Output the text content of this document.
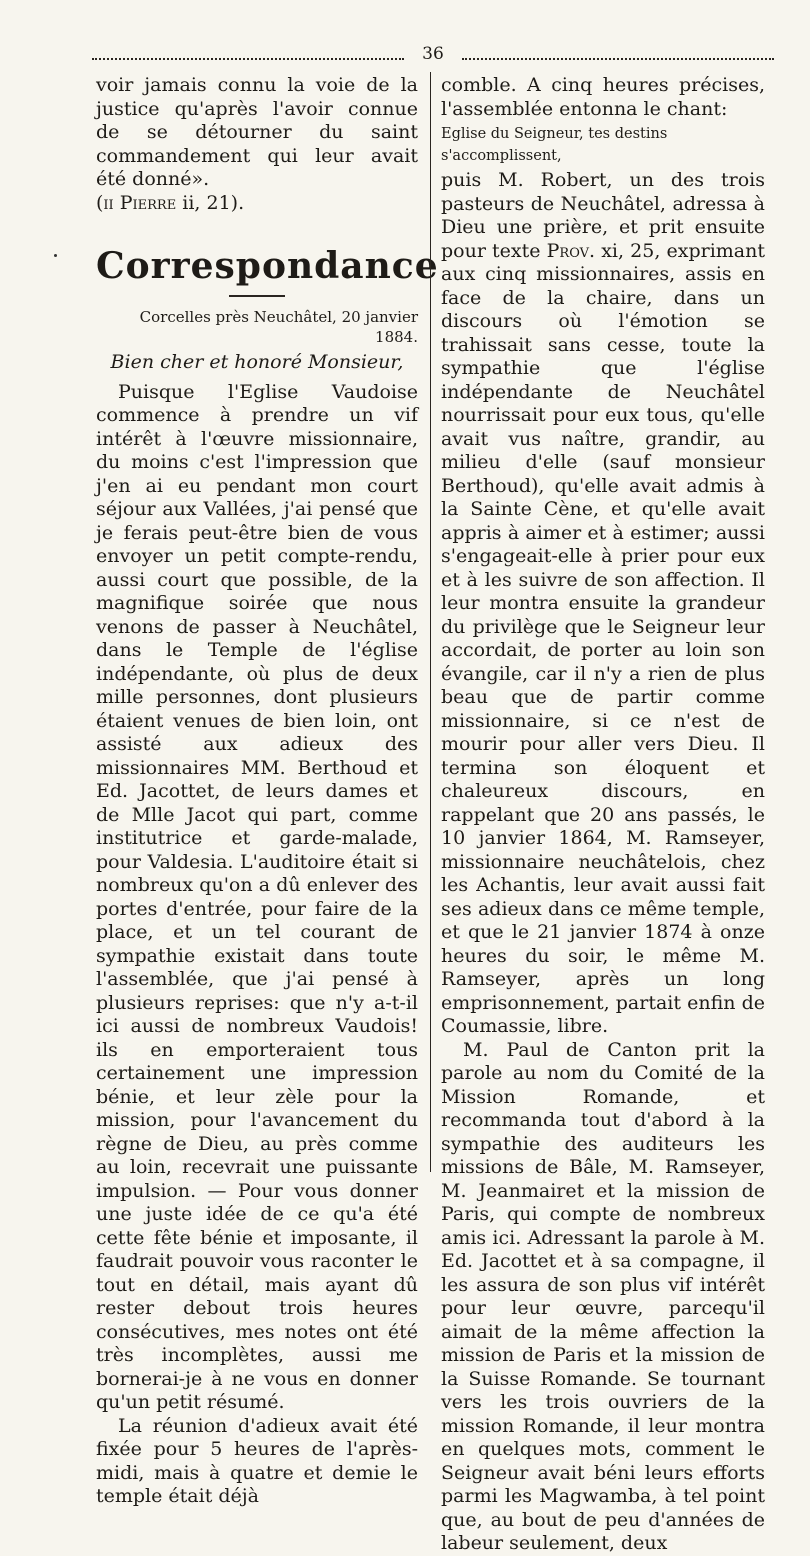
36

voir jamais connu la voie de la justice qu'après l'avoir connue de se détourner du saint commandement qui leur avait été donné».

(ii Pierre ii, 21).

Correspondance

Corcelles près Neuchâtel, 20 janvier 1884.

Bien cher et honoré Monsieur,

Puisque l'Eglise Vaudoise commence à prendre un vif intérêt à l'œuvre missionnaire, du moins c'est l'impression que j'en ai eu pendant mon court séjour aux Vallées, j'ai pensé que je ferais peut-être bien de vous envoyer un petit compte-rendu, aussi court que possible, de la magnifique soirée que nous venons de passer à Neuchâtel, dans le Temple de l'église indépendante, où plus de deux mille personnes, dont plusieurs étaient venues de bien loin, ont assisté aux adieux des missionnaires MM. Berthoud et Ed. Jacottet, de leurs dames et de Mlle Jacot qui part, comme institutrice et garde-malade, pour Valdesia. L'auditoire était si nombreux qu'on a dû enlever des portes d'entrée, pour faire de la place, et un tel courant de sympathie existait dans toute l'assemblée, que j'ai pensé à plusieurs reprises: que n'y a-t-il ici aussi de nombreux Vaudois! ils en emporteraient tous certainement une impression bénie, et leur zèle pour la mission, pour l'avancement du règne de Dieu, au près comme au loin, recevrait une puissante impulsion. — Pour vous donner une juste idée de ce qu'a été cette fête bénie et imposante, il faudrait pouvoir vous raconter le tout en détail, mais ayant dû rester debout trois heures consécutives, mes notes ont été très incomplètes, aussi me bornerai-je à ne vous en donner qu'un petit résumé.

La réunion d'adieux avait été fixée pour 5 heures de l'après-midi, mais à quatre et demie le temple était déjà

comble. A cinq heures précises, l'assemblée entonna le chant:

Eglise du Seigneur, tes destins s'accomplissent,

puis M. Robert, un des trois pasteurs de Neuchâtel, adressa à Dieu une prière, et prit ensuite pour texte Prov. xi, 25, exprimant aux cinq missionnaires, assis en face de la chaire, dans un discours où l'émotion se trahissait sans cesse, toute la sympathie que l'église indépendante de Neuchâtel nourrissait pour eux tous, qu'elle avait vus naître, grandir, au milieu d'elle (sauf monsieur Berthoud), qu'elle avait admis à la Sainte Cène, et qu'elle avait appris à aimer et à estimer; aussi s'engageait-elle à prier pour eux et à les suivre de son affection. Il leur montra ensuite la grandeur du privilège que le Seigneur leur accordait, de porter au loin son évangile, car il n'y a rien de plus beau que de partir comme missionnaire, si ce n'est de mourir pour aller vers Dieu. Il termina son éloquent et chaleureux discours, en rappelant que 20 ans passés, le 10 janvier 1864, M. Ramseyer, missionnaire neuchâtelois, chez les Achantis, leur avait aussi fait ses adieux dans ce même temple, et que le 21 janvier 1874 à onze heures du soir, le même M. Ramseyer, après un long emprisonnement, partait enfin de Coumassie, libre.

M. Paul de Canton prit la parole au nom du Comité de la Mission Romande, et recommanda tout d'abord à la sympathie des auditeurs les missions de Bâle, M. Ramseyer, M. Jeanmairet et la mission de Paris, qui compte de nombreux amis ici. Adressant la parole à M. Ed. Jacottet et à sa compagne, il les assura de son plus vif intérêt pour leur œuvre, parcequ'il aimait de la même affection la mission de Paris et la mission de la Suisse Romande. Se tournant vers les trois ouvriers de la mission Romande, il leur montra en quelques mots, comment le Seigneur avait béni leurs efforts parmi les Magwamba, à tel point que, au bout de peu d'années de labeur seulement, deux
